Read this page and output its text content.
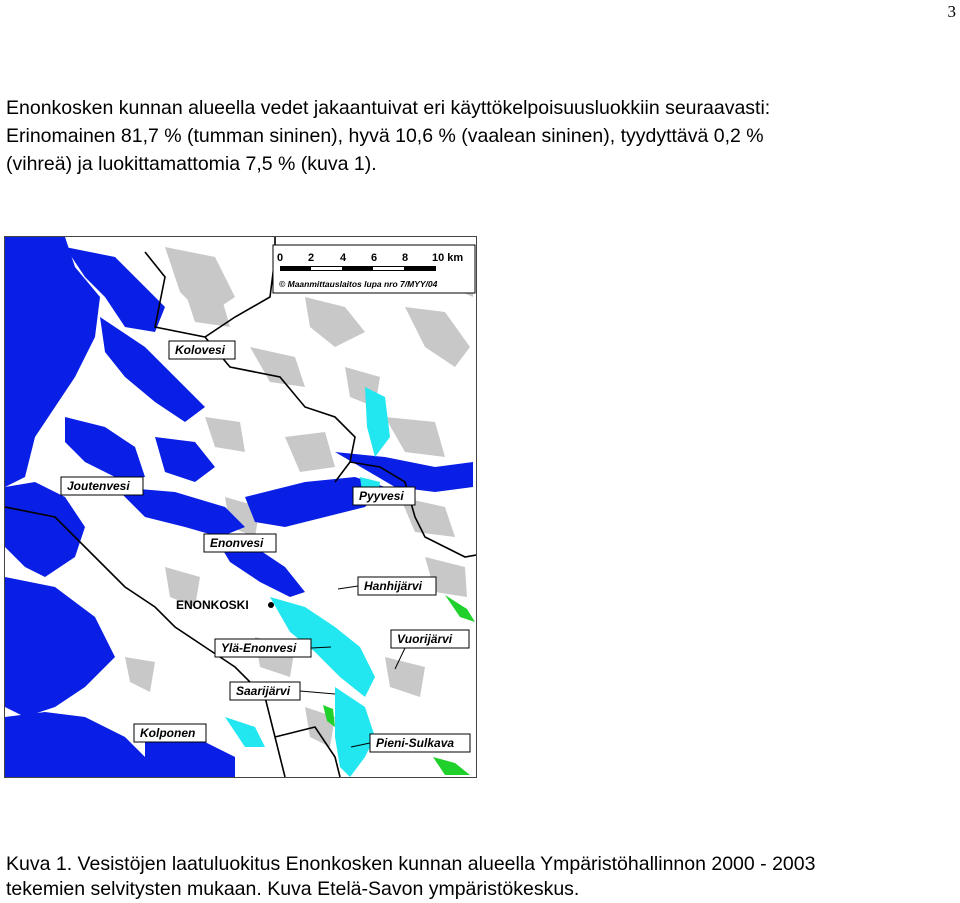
3

Enonkosken kunnan alueella vedet jakaantuivat eri käyttökelpoisuusluokkiin seuraavasti:
Erinomainen 81,7 % (tumman sininen), hyvä 10,6 % (vaalean sininen), tyydyttävä 0,2 %
(vihreä) ja luokittamattomia 7,5 % (kuva 1).

0 2 4 6 8 10 km
© Maanmittauslaitos lupa nro 7/MYY/04
Kolovesi
Joutenvesi
Pyyvesi
Enonvesi
Hanhijärvi
ENONKOSKI
Vuorijärvi
Ylä-Enonvesi
Saarijärvi
Kolponen
Pieni-Sulkava

Kuva 1. Vesistöjen laatuluokitus Enonkosken kunnan alueella Ympäristöhallinnon 2000 - 2003
tekemien selvitysten mukaan. Kuva Etelä-Savon ympäristökeskus.
